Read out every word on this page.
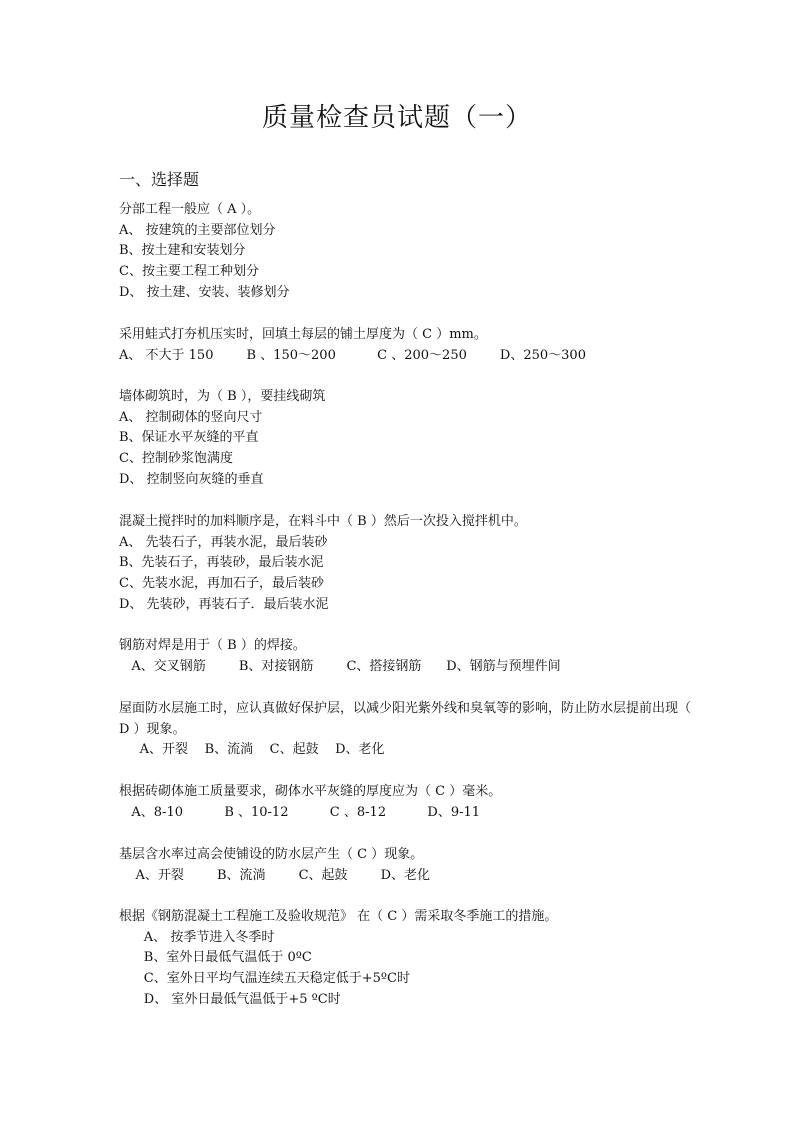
质量检查员试题（一）
一、选择题
分部工程一般应（ A ）。
A、 按建筑的主要部位划分
B、按土建和安装划分
C、按主要工程工种划分
D、 按土建、安装、装修划分
采用蛙式打夯机压实时，回填土每层的铺土厚度为（ C ）mm。
A、 不大于 150        B 、150～200          C 、200～250        D、250～300
墙体砌筑时，为（ B ），要挂线砌筑
A、 控制砌体的竖向尺寸
B、保证水平灰缝的平直
C、控制砂浆饱满度
D、 控制竖向灰缝的垂直
混凝土搅拌时的加料顺序是，在料斗中（ B ）然后一次投入搅拌机中。
A、 先装石子，再装水泥，最后装砂
B、先装石子，再装砂，最后装水泥
C、先装水泥，再加石子，最后装砂
D、 先装砂，再装石子．最后装水泥
钢筋对焊是用于（ B ）的焊接。
A、交叉钢筋        B、对接钢筋        C、搭接钢筋      D、钢筋与预埋件间
屋面防水层施工时，应认真做好保护层，以减少阳光紫外线和臭氧等的影响，防止防水层提前出现（ D ）现象。
A、开裂    B、流淌    C、起鼓    D、老化
根据砖砌体施工质量要求，砌体水平灰缝的厚度应为（ C ）毫米。
A、8-10          B 、10-12          C 、8-12          D、9-11
基层含水率过高会使铺设的防水层产生（ C ）现象。
A、开裂        B、流淌        C、起鼓        D、老化
根据《钢筋混凝土工程施工及验收规范》 在（ C ）需采取冬季施工的措施。
A、 按季节进入冬季时
B、室外日最低气温低于 0ºC
C、室外日平均气温连续五天稳定低于+5ºC时
D、 室外日最低气温低于+5 ºC时
